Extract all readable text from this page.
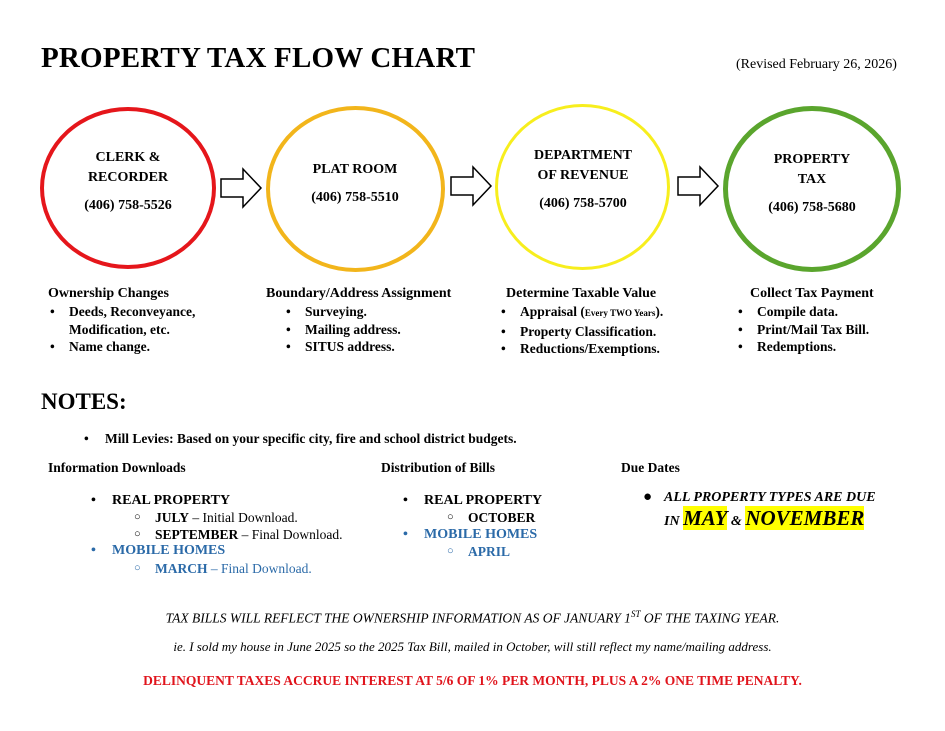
PROPERTY TAX FLOW CHART	(Revised February 26, 2026)
CLERK &
RECORDER
(406) 758-5526
PLAT ROOM
(406) 758-5510
DEPARTMENT
OF REVENUE
(406) 758-5700
PROPERTY
TAX
(406) 758-5680
Ownership Changes
• Deeds, Reconveyance,
Modification, etc.
• Name change.
Boundary/Address Assignment
• Surveying.
• Mailing address.
• SITUS address.
Determine Taxable Value
• Appraisal (Every TWO Years).
• Property Classification.
• Reductions/Exemptions.
Collect Tax Payment
• Compile data.
• Print/Mail Tax Bill.
• Redemptions.
NOTES:
• Mill Levies: Based on your specific city, fire and school district budgets.
Information Downloads
• REAL PROPERTY
○ JULY – Initial Download.
○ SEPTEMBER – Final Download.
• MOBILE HOMES
○ MARCH – Final Download.
Distribution of Bills
• REAL PROPERTY
○ OCTOBER
• MOBILE HOMES
○ APRIL
Due Dates
● ALL PROPERTY TYPES ARE DUE
IN MAY & NOVEMBER
TAX BILLS WILL REFLECT THE OWNERSHIP INFORMATION AS OF JANUARY 1ST OF THE TAXING YEAR.
ie. I sold my house in June 2025 so the 2025 Tax Bill, mailed in October, will still reflect my name/mailing address.
DELINQUENT TAXES ACCRUE INTEREST AT 5/6 OF 1% PER MONTH, PLUS A 2% ONE TIME PENALTY.
